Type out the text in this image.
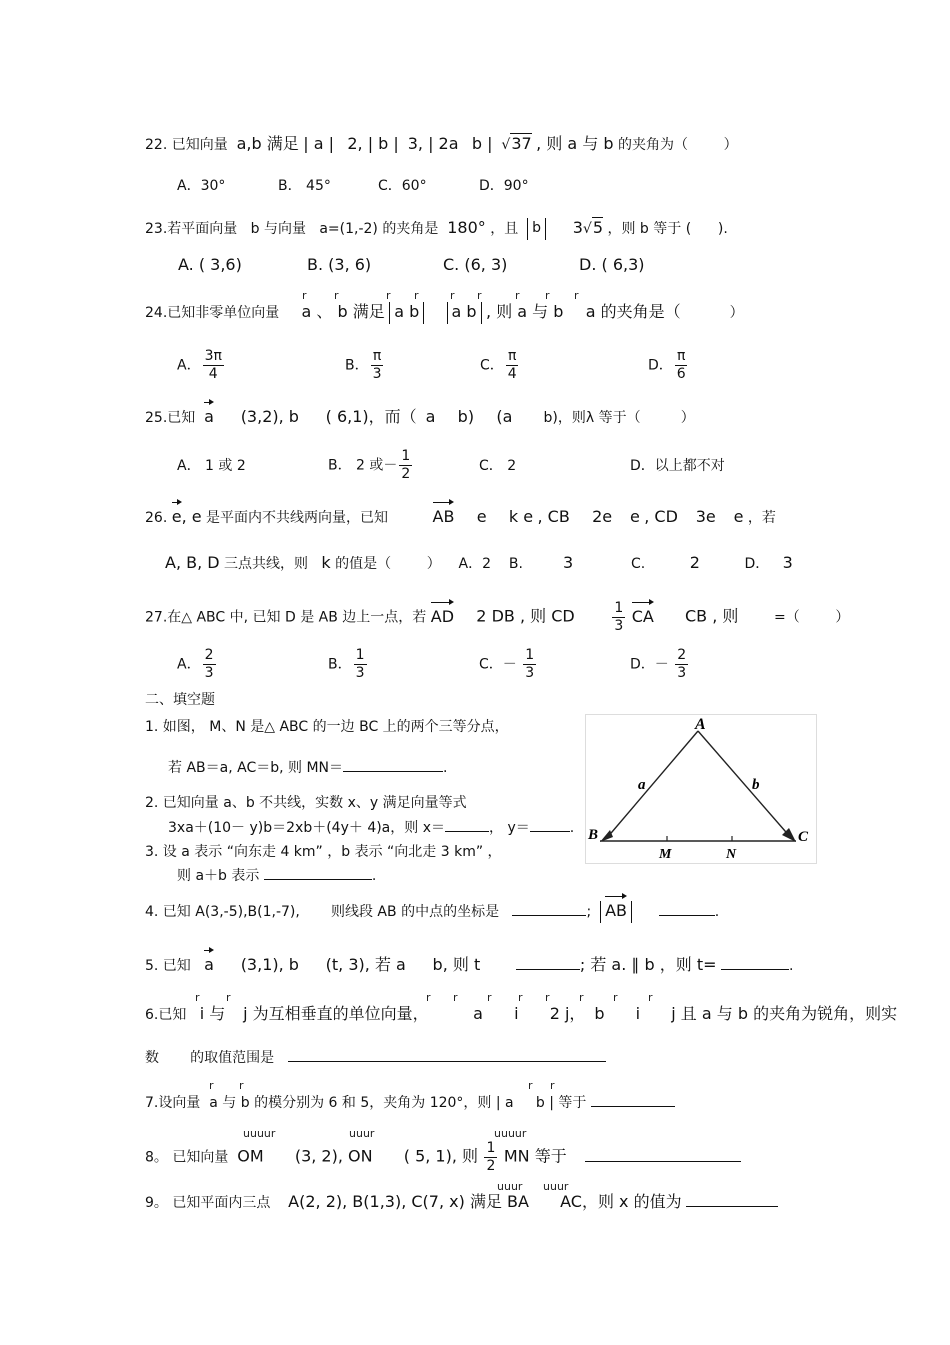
22. 已知向量 a,b 满足 | a | 2, | b | 3, | 2a b |  √37 , 则 a 与 b 的夹角为（	）
A．30°	B． 45°	C．60°	D．90°
23.若平面向量 b 与向量 a=(1,-2) 的夹角是 180° ，且 b 3√5 ，则 b 等于 ( ).
A. ( 3,6)	B. (3, 6)	C. (6, 3)	D. ( 6,3)
r r	r r	r r	r r r
24.已知非零单位向量 a 、 b 满足 a b a b , 则 a 与 b a 的夹角是（	）
A． $\frac{3\pi}{4}$	B． $\frac{\pi}{3}$	C． $\frac{\pi}{4}$	D． $\frac{\pi}{6}$
25.已知 a (3,2), b ( 6,1)，而（ a b) (a b)，则λ 等于（	）
A． 1 或 2	B． 2 或－ $\frac{1}{2}$	C． 2	D．以上都不对
26. e, e 是平面内不共线两向量，已知	AB e k e , CB 2e e , CD 3e e ，若
A, B, D 三点共线，则 k 的值是（	） A．2 B.	3	C.	2	D． 3
27.在△ ABC 中, 已知 D 是 AB 边上一点，若 AD 2 DB , 则 CD	$\frac{1}{3}$ CA CB , 则	=（	）
A． $\frac{2}{3}$	B． $\frac{1}{3}$	C．－ $\frac{1}{3}$	D．－ $\frac{2}{3}$
二、填空题
1. 如图， M、N 是△ ABC 的一边 BC 上的两个三等分点，
若 AB＝a, AC＝b, 则 MN＝	.
2. 已知向量 a、b 不共线，实数 x、y 满足向量等式
3xa＋(10－ y)b＝2xb＋(4y＋ 4)a，则 x＝	， y＝	.
3. 设 a 表示 “向东走 4 km” ，b 表示 “向北走 3 km” ，
则 a＋b 表示	.
A
B	C
M	N
a	b
4. 已知 A(3,-5),B(1,-7), 则线段 AB 的中点的坐标是	; AB	.
5. 已知 a (3,1), b (t, 3), 若 a b, 则 t	; 若 a. ∥ b ，则 t=	.
r r	r r	r r r	r	r	r
6.已知 i 与 j 为互相垂直的单位向量，	a i 2 j， b i j 且 a 与 b 的夹角为锐角，则实
数 的取值范围是
r r	r r
7.设向量 a 与 b 的模分别为 6 和 5，夹角为 120°，则 | a b | 等于
uuuur	uuur	uuuur
8。 已知向量 OM (3, 2), ON ( 5, 1), 则 $\frac{1}{2}$ MN 等于
uuur uuur
9。 已知平面内三点 A(2, 2), B(1,3), C(7, x) 满足 BA AC，则 x 的值为
